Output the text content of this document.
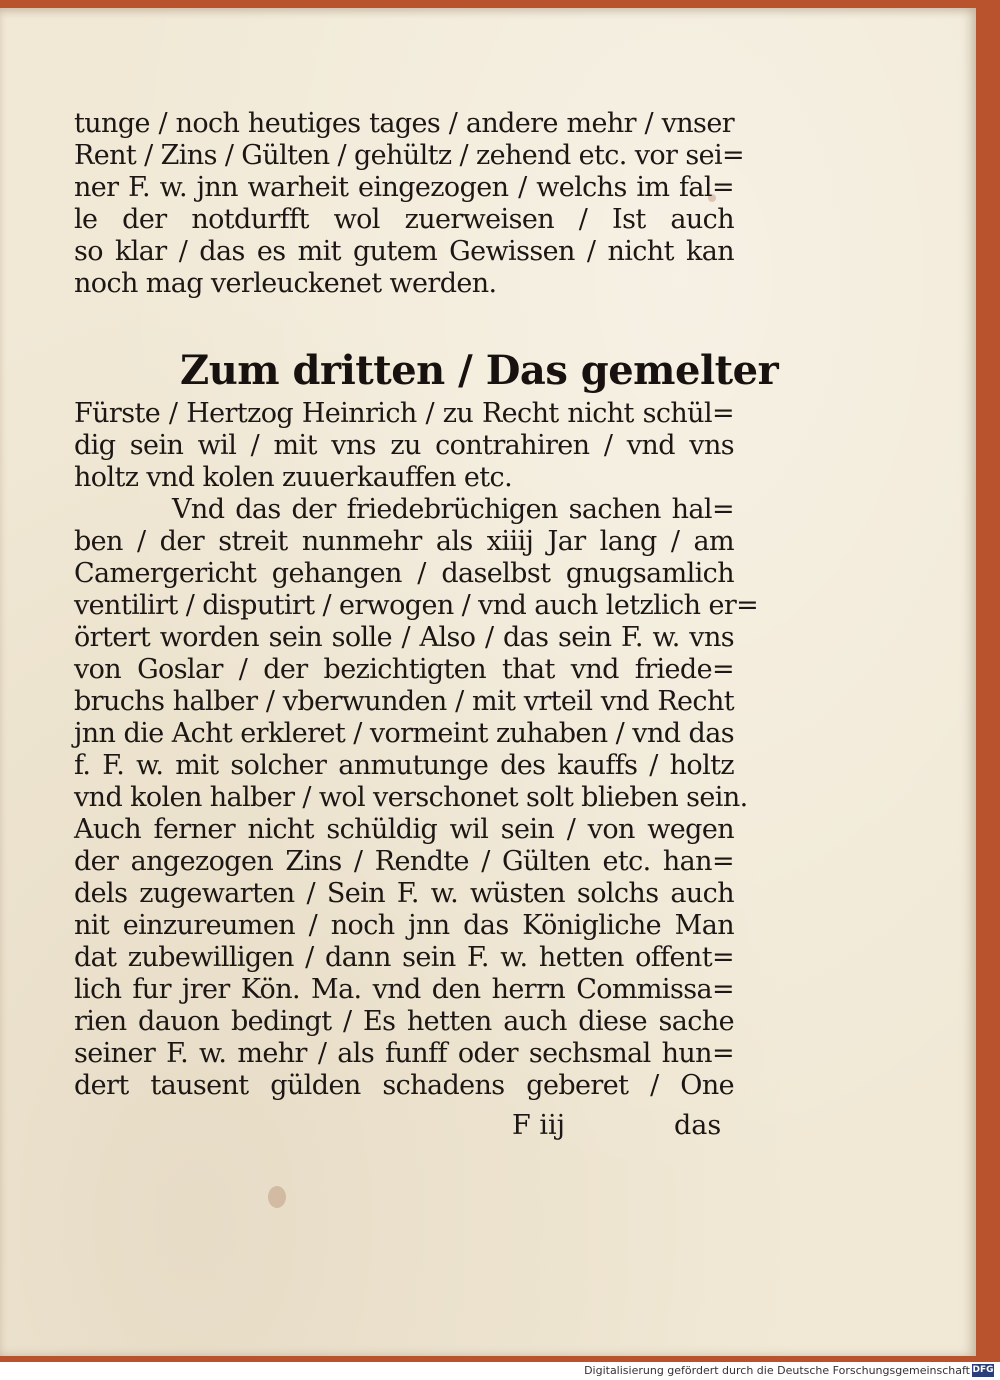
tunge / noch heutiges tages / andere mehr / vnser
Rent / Zins / Gülten / gehültz / zehend etc. vor sei=
ner F. w. jnn warheit eingezogen / welchs im fal=
le der notdurfft wol zuerweisen / Ist auch
so klar / das es mit gutem Gewissen / nicht kan
noch mag verleuckenet werden.
Zum dritten / Das gemelter
Fürste / Hertzog Heinrich / zu Recht nicht schül=
dig sein wil / mit vns zu contrahiren / vnd vns
holtz vnd kolen zuuerkauffen etc.
Vnd das der friedebrüchigen sachen hal=
ben / der streit nunmehr als xiiij Jar lang / am
Camergericht gehangen / daselbst gnugsamlich
ventilirt / disputirt / erwogen / vnd auch letzlich er=
örtert worden sein solle / Also / das sein F. w. vns
von Goslar / der bezichtigten that vnd friede=
bruchs halber / vberwunden / mit vrteil vnd Recht
jnn die Acht erkleret / vormeint zuhaben / vnd das
f. F. w. mit solcher anmutunge des kauffs / holtz
vnd kolen halber / wol verschonet solt blieben sein.
Auch ferner nicht schüldig wil sein / von wegen
der angezogen Zins / Rendte / Gülten etc. han=
dels zugewarten / Sein F. w. wüsten solchs auch
nit einzureumen / noch jnn das Königliche Man
dat zubewilligen / dann sein F. w. hetten offent=
lich fur jrer Kön. Ma. vnd den herrn Commissa=
rien dauon bedingt / Es hetten auch diese sache
seiner F. w. mehr / als funff oder sechsmal hun=
dert tausent gülden schadens geberet / One
F iij	das
Digitalisierung gefördert durch die Deutsche Forschungsgemeinschaft DFG
